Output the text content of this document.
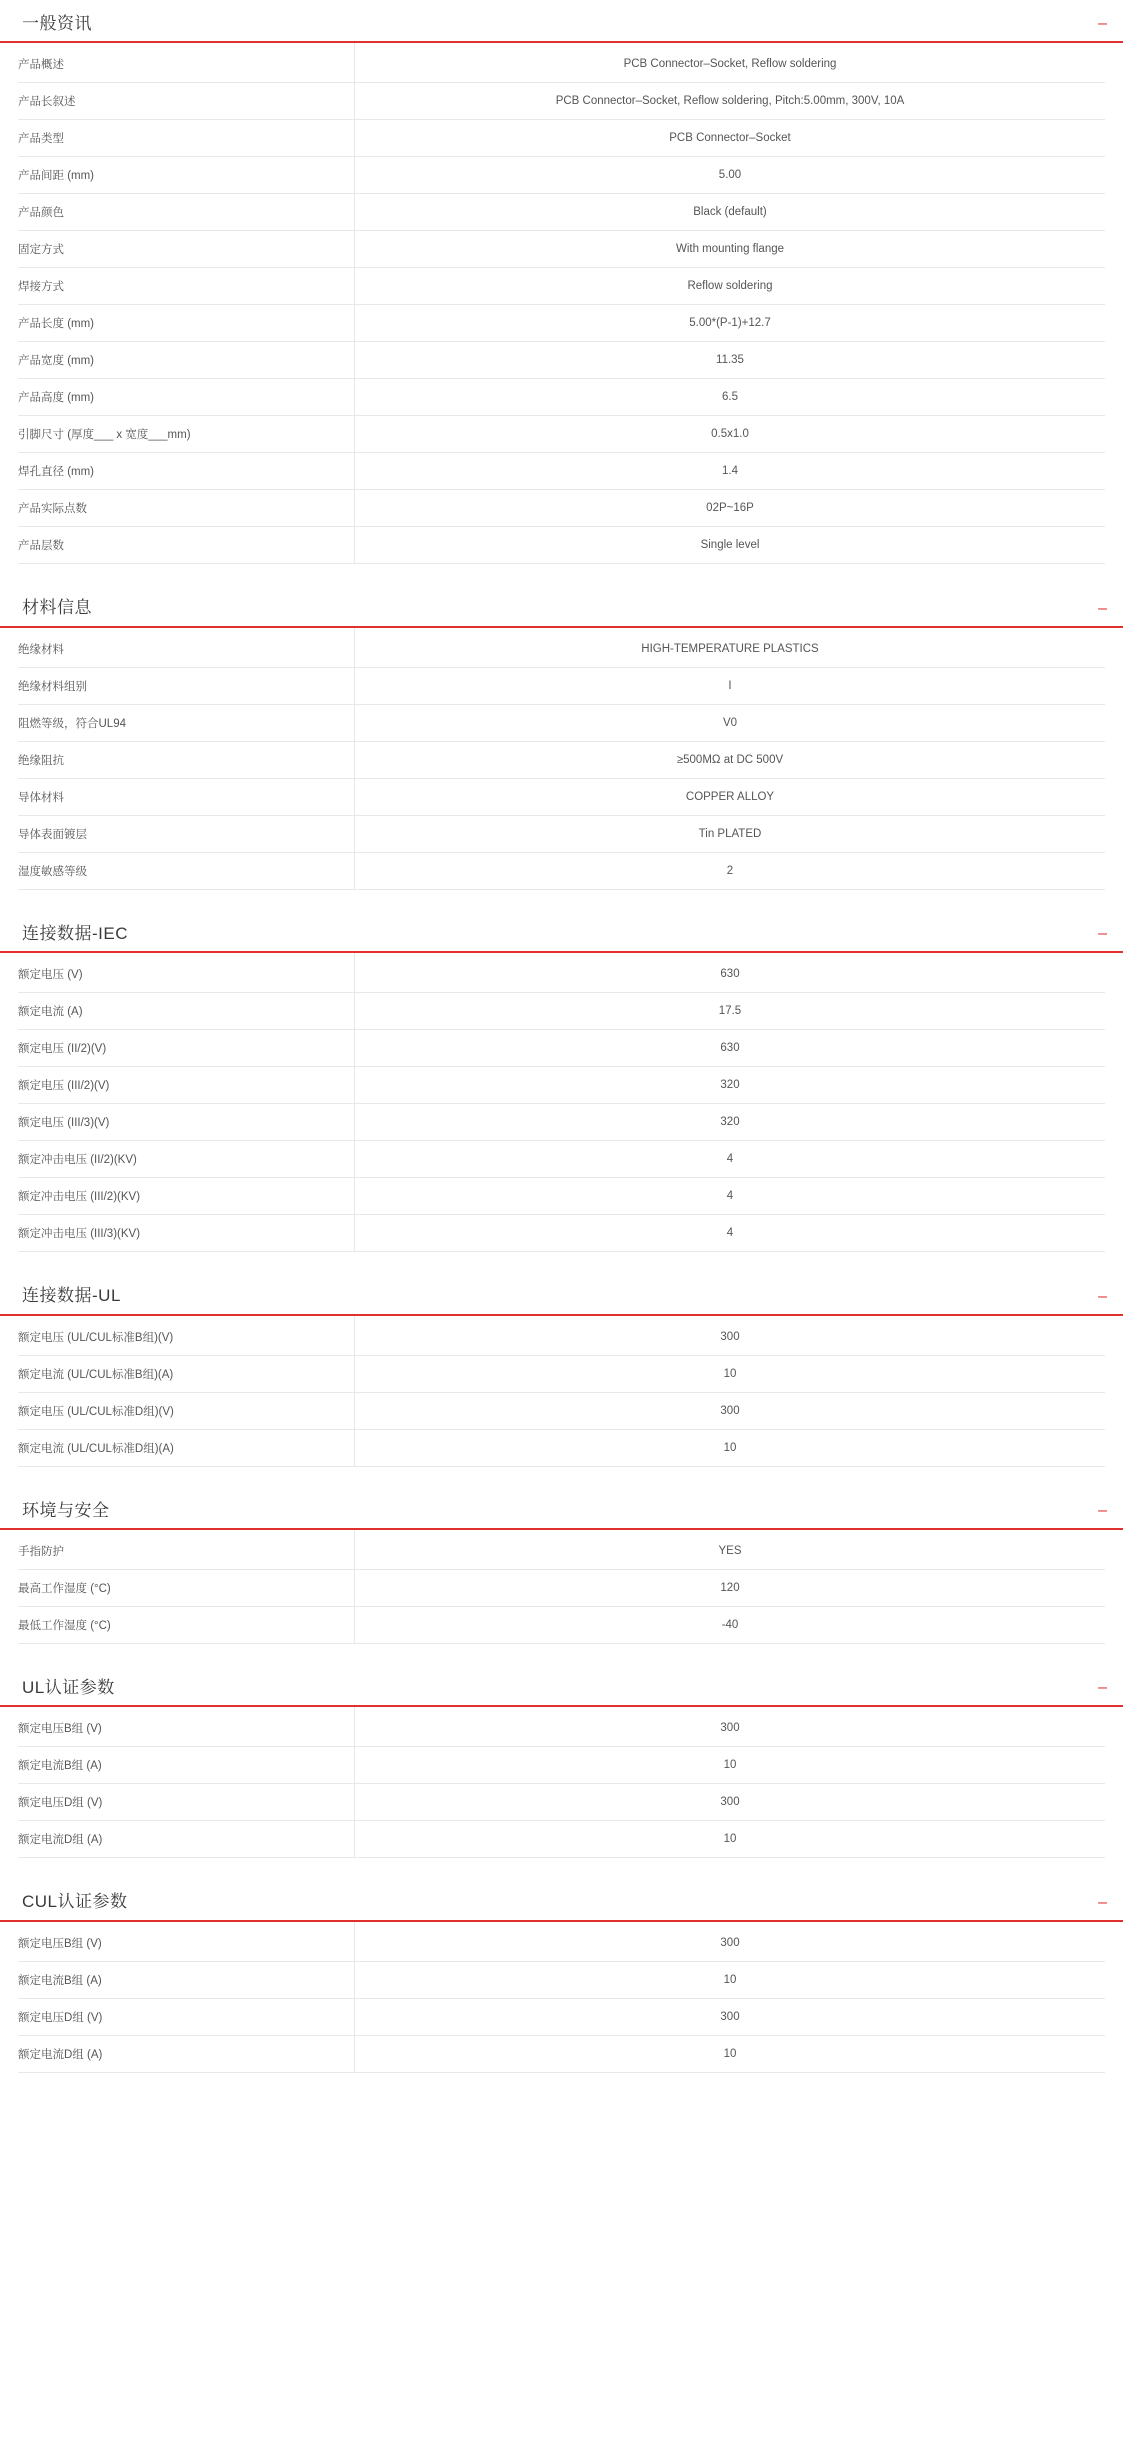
一般资讯	–
产品概述	PCB Connector–Socket, Reflow soldering
产品长叙述	PCB Connector–Socket, Reflow soldering, Pitch:5.00mm, 300V, 10A
产品类型	PCB Connector–Socket
产品间距 (mm)	5.00
产品颜色	Black (default)
固定方式	With mounting flange
焊接方式	Reflow soldering
产品长度 (mm)	5.00*(P-1)+12.7
产品宽度 (mm)	11.35
产品高度 (mm)	6.5
引脚尺寸 (厚度___ x 宽度___mm)	0.5x1.0
焊孔直径 (mm)	1.4
产品实际点数	02P~16P
产品层数	Single level
材料信息	–
绝缘材料	HIGH-TEMPERATURE PLASTICS
绝缘材料组别	I
阻燃等级，符合UL94	V0
绝缘阻抗	≥500MΩ at DC 500V
导体材料	COPPER ALLOY
导体表面镀层	Tin PLATED
湿度敏感等级	2
连接数据-IEC	–
额定电压 (V)	630
额定电流 (A)	17.5
额定电压 (II/2)(V)	630
额定电压 (III/2)(V)	320
额定电压 (III/3)(V)	320
额定冲击电压 (II/2)(KV)	4
额定冲击电压 (III/2)(KV)	4
额定冲击电压 (III/3)(KV)	4
连接数据-UL	–
额定电压 (UL/CUL标准B组)(V)	300
额定电流 (UL/CUL标准B组)(A)	10
额定电压 (UL/CUL标准D组)(V)	300
额定电流 (UL/CUL标准D组)(A)	10
环境与安全	–
手指防护	YES
最高工作湿度 (°C)	120
最低工作湿度 (°C)	-40
UL认证参数	–
额定电压B组 (V)	300
额定电流B组 (A)	10
额定电压D组 (V)	300
额定电流D组 (A)	10
CUL认证参数	–
额定电压B组 (V)	300
额定电流B组 (A)	10
额定电压D组 (V)	300
额定电流D组 (A)	10
